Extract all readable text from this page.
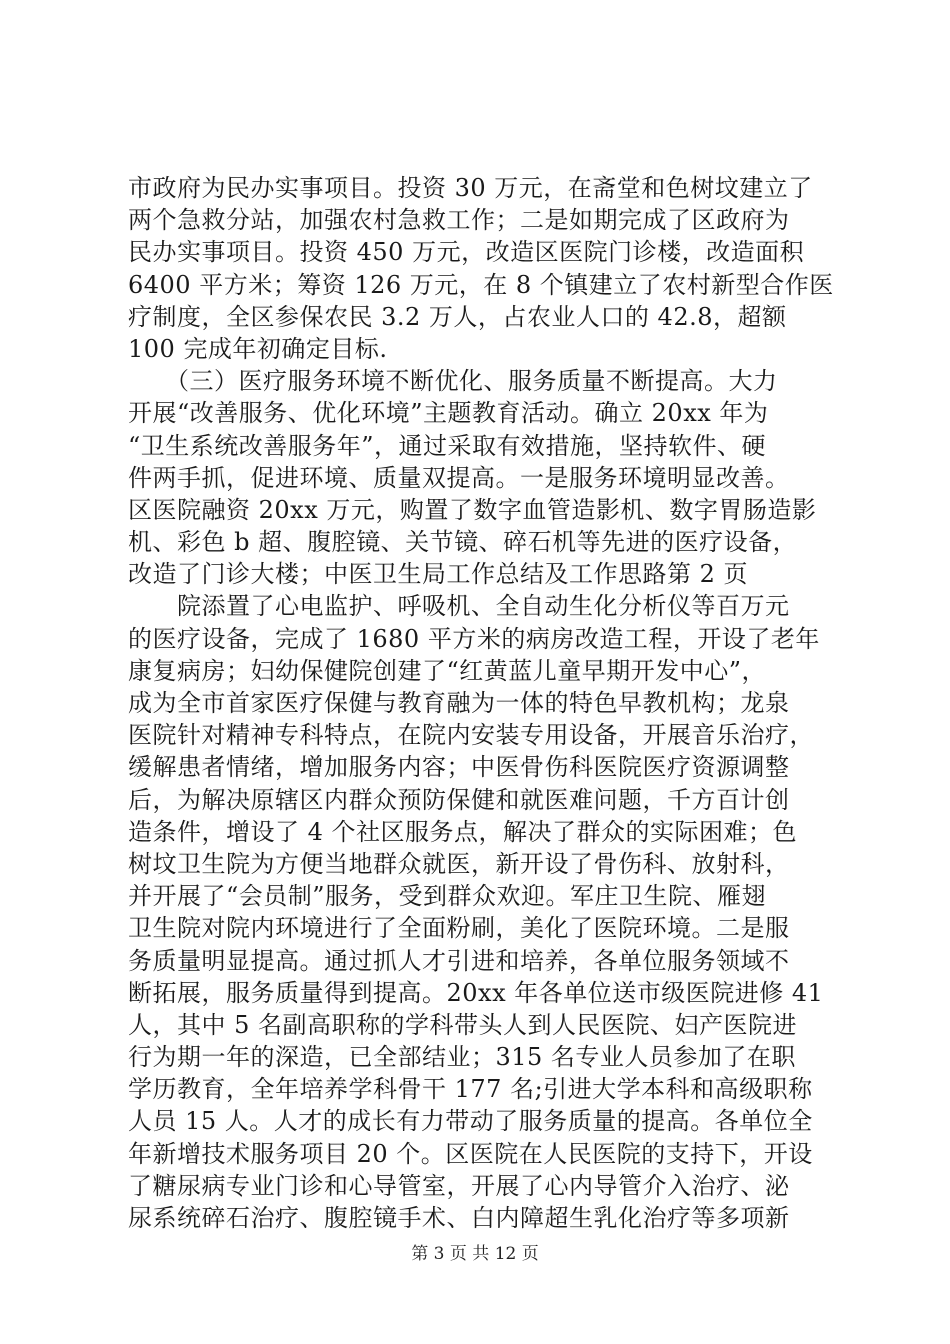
市政府为民办实事项目。投资 30 万元，在斋堂和色树坟建立了
两个急救分站，加强农村急救工作；二是如期完成了区政府为
民办实事项目。投资 450 万元，改造区医院门诊楼，改造面积
6400 平方米；筹资 126 万元，在 8 个镇建立了农村新型合作医
疗制度，全区参保农民 3.2 万人，占农业人口的 42.8，超额
100 完成年初确定目标.
　　（三）医疗服务环境不断优化、服务质量不断提高。大力
开展“改善服务、优化环境”主题教育活动。确立 20xx 年为
“卫生系统改善服务年”，通过采取有效措施，坚持软件、硬
件两手抓，促进环境、质量双提高。一是服务环境明显改善。
区医院融资 20xx 万元，购置了数字血管造影机、数字胃肠造影
机、彩色 b 超、腹腔镜、关节镜、碎石机等先进的医疗设备，
改造了门诊大楼；中医卫生局工作总结及工作思路第 2 页
　　院添置了心电监护、呼吸机、全自动生化分析仪等百万元
的医疗设备，完成了 1680 平方米的病房改造工程，开设了老年
康复病房；妇幼保健院创建了“红黄蓝儿童早期开发中心”，
成为全市首家医疗保健与教育融为一体的特色早教机构；龙泉
医院针对精神专科特点，在院内安装专用设备，开展音乐治疗，
缓解患者情绪，增加服务内容；中医骨伤科医院医疗资源调整
后，为解决原辖区内群众预防保健和就医难问题，千方百计创
造条件，增设了 4 个社区服务点，解决了群众的实际困难；色
树坟卫生院为方便当地群众就医，新开设了骨伤科、放射科，
并开展了“会员制”服务，受到群众欢迎。军庄卫生院、雁翅
卫生院对院内环境进行了全面粉刷，美化了医院环境。二是服
务质量明显提高。通过抓人才引进和培养，各单位服务领域不
断拓展，服务质量得到提高。20xx 年各单位送市级医院进修 41
人，其中 5 名副高职称的学科带头人到人民医院、妇产医院进
行为期一年的深造，已全部结业；315 名专业人员参加了在职
学历教育，全年培养学科骨干 177 名;引进大学本科和高级职称
人员 15 人。人才的成长有力带动了服务质量的提高。各单位全
年新增技术服务项目 20 个。区医院在人民医院的支持下，开设
了糖尿病专业门诊和心导管室，开展了心内导管介入治疗、泌
尿系统碎石治疗、腹腔镜手术、白内障超生乳化治疗等多项新
第 3 页 共 12 页
